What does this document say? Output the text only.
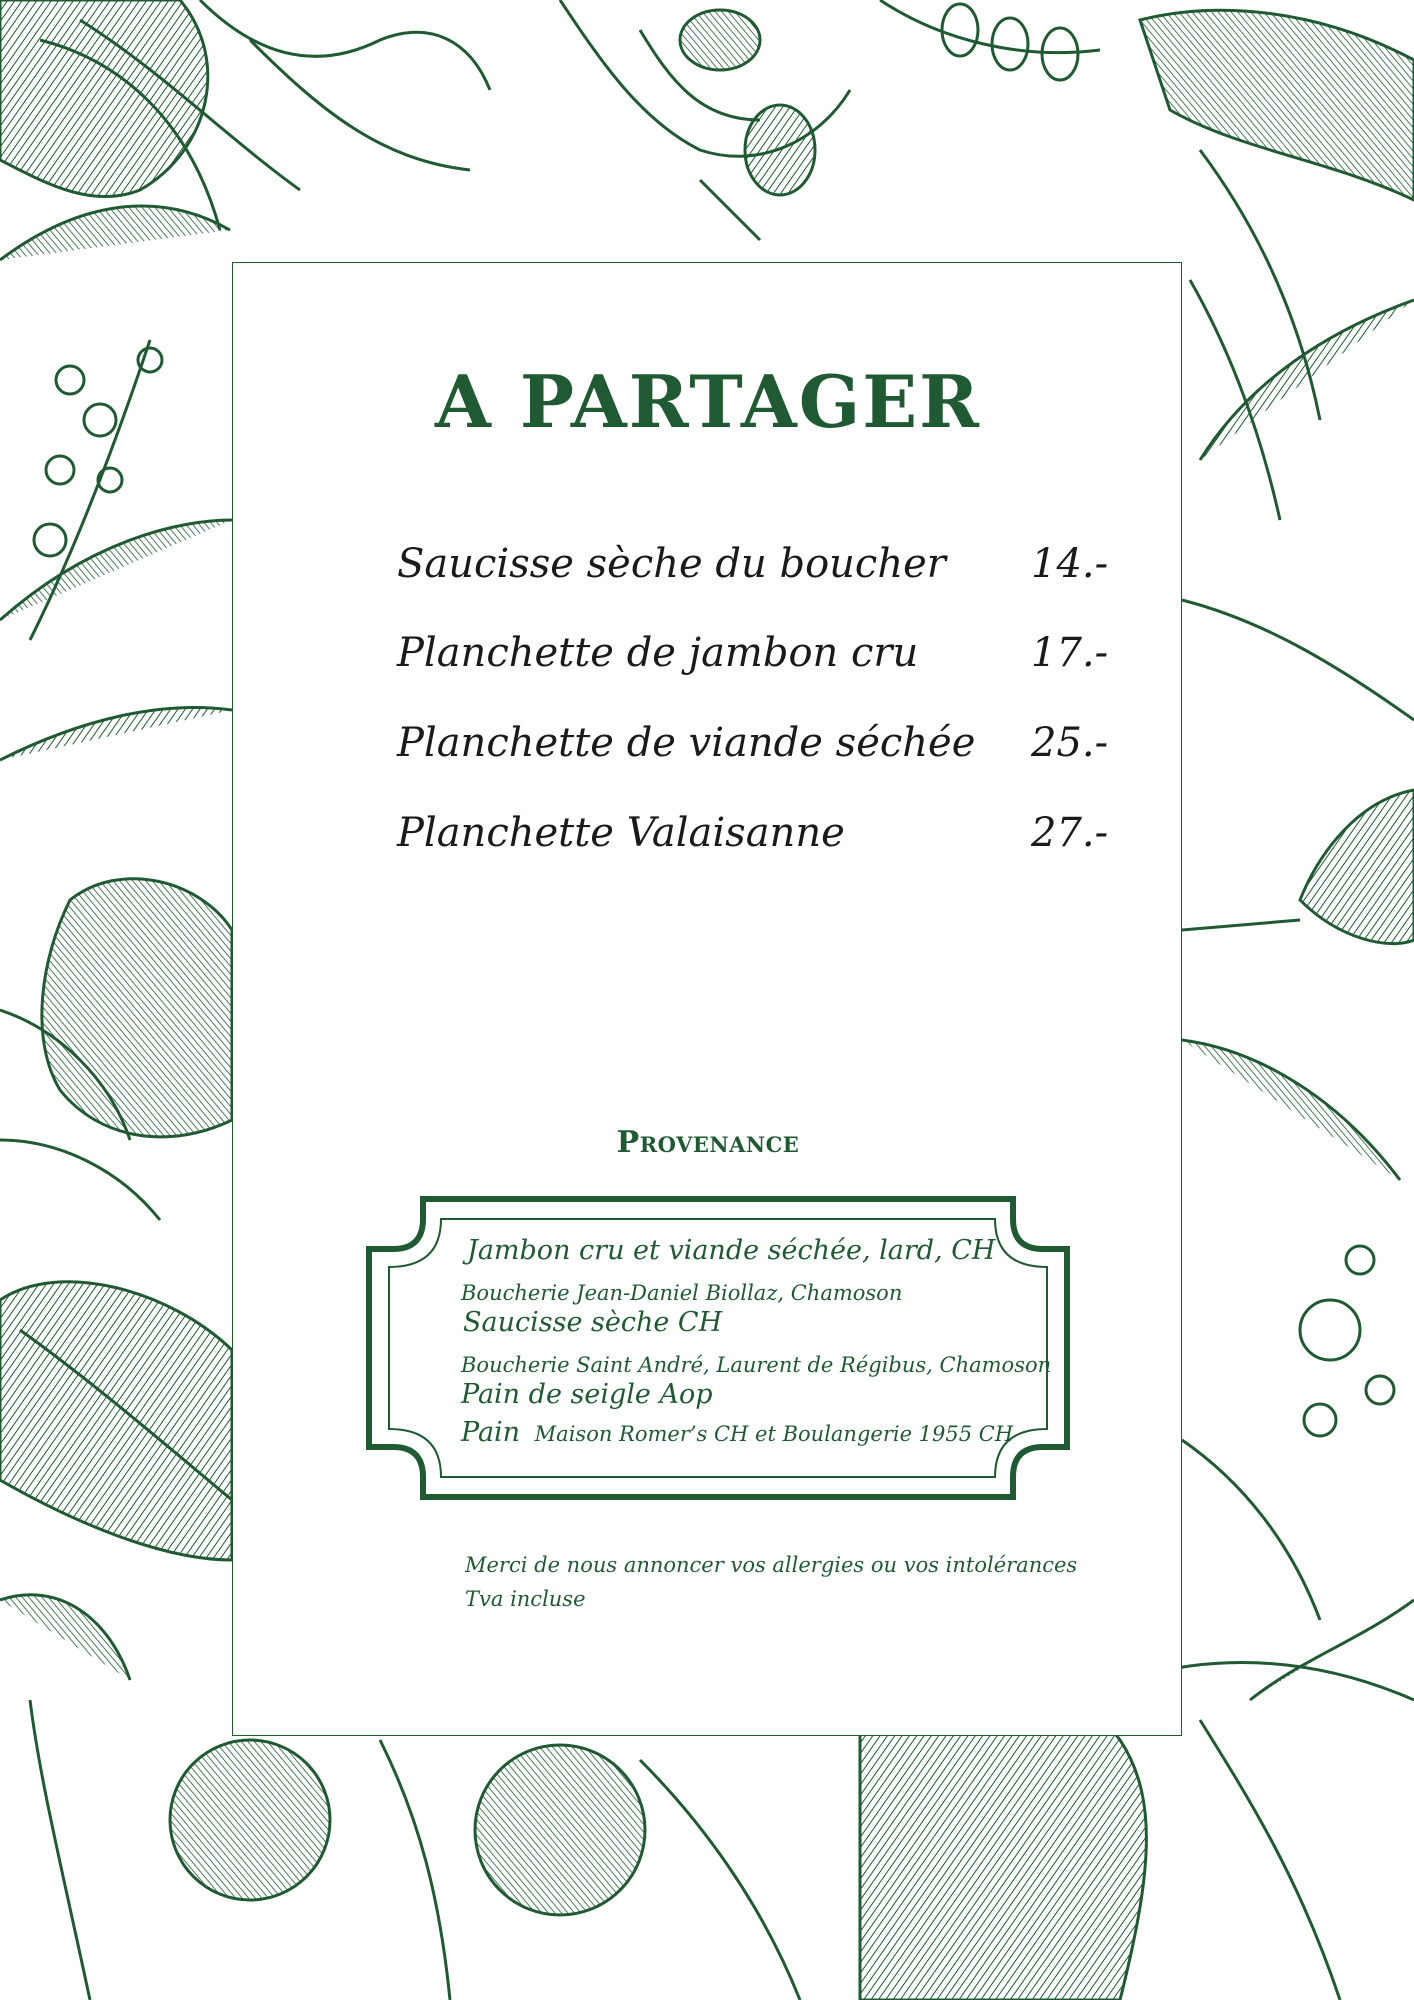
A PARTAGER
Saucisse sèche du boucher 14.-
Planchette de jambon cru	17.-
Planchette de viande séchée 25.-
Planchette Valaisanne	27.-
Provenance
Jambon cru et viande séchée, lard, CH
Boucherie Jean-Daniel Biollaz, Chamoson
Saucisse sèche CH
Boucherie Saint André, Laurent de Régibus, Chamoson
Pain de seigle Aop
Pain Maison Romer’s CH et Boulangerie 1955 CH
Merci de nous annoncer vos allergies ou vos intolérances
Tva incluse
